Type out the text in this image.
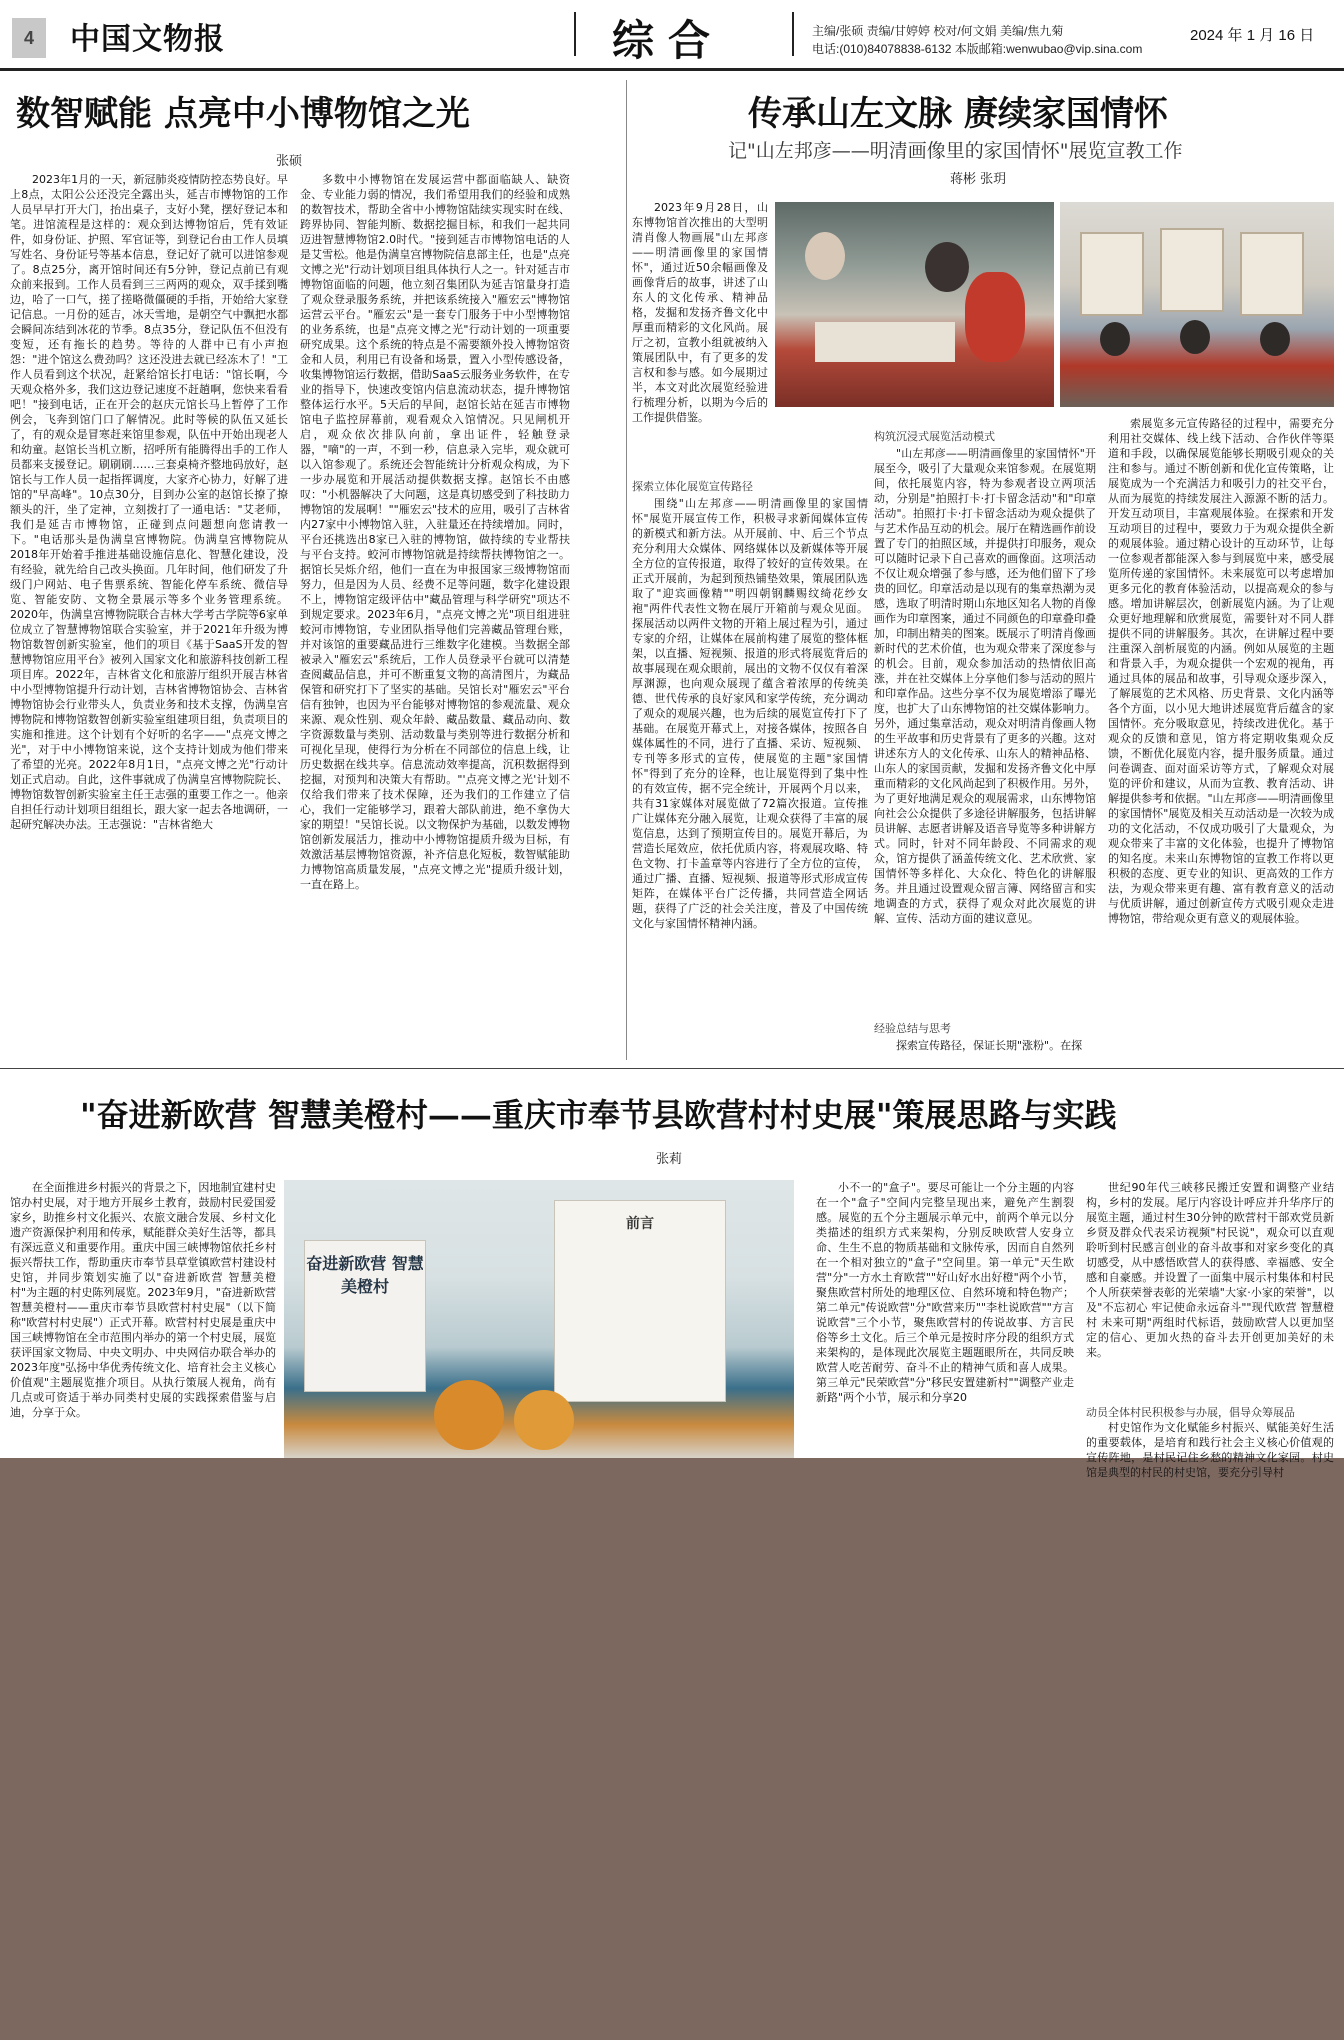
4	中国文物报	综合	主编/张硕 责编/甘婷婷 校对/何文娟 美编/焦九菊
电话:(010)84078838-6132 本版邮箱:wenwubao@vip.sina.com
2024 年 1 月 16 日
数智赋能 点亮中小博物馆之光
张硕

2023年1月的一天，新冠肺炎疫情防控态势良好。早上8点，太阳公公还没完全露出头，延吉市博物馆的工作人员早早打开大门，抬出桌子，支好小凳，摆好登记本和笔。进馆流程是这样的：观众到达博物馆后，凭有效证件，如身份证、护照、军官证等，到登记台由工作人员填写姓名、身份证号等基本信息，登记好了就可以进馆参观了。8点25分，离开馆时间还有5分钟，登记点前已有观众前来报到。工作人员看到三三两两的观众，双手揉到嘴边，哈了一口气，搓了搓略微僵硬的手指，开始给大家登记信息。一月份的延吉，冰天雪地，是朝空气中飘把水都会瞬间冻结到冰花的节季。8点35分，登记队伍不但没有变短，还有拖长的趋势。等待的人群中已有小声抱怨："进个馆这么费劲吗？这还没进去就已经冻木了！"工作人员看到这个状况，赶紧给馆长打电话："馆长啊，今天观众格外多，我们这边登记速度不赶趟啊，您快来看看吧！"接到电话，正在开会的赵庆元馆长马上暂停了工作例会，飞奔到馆门口了解情况。此时等候的队伍又延长了，有的观众是冒寒赶来馆里参观，队伍中开始出现老人和幼童。赵馆长当机立断，招呼所有能腾得出手的工作人员都来支援登记。刷刷刷……三套桌椅齐整地码放好，赵馆长与工作人员一起指挥调度，大家齐心协力，好解了进馆的"早高峰"。10点30分，目到办公室的赵馆长撩了撩额头的汗，坐了定神，立刻拨打了一通电话："艾老师，我们是延吉市博物馆，正碰到点问题想向您请教一下。"电话那头是伪满皇宫博物院。伪满皇宫博物院从2018年开始着手推进基础设施信息化、智慧化建设，没有经验，就先给自己改头换面。几年时间，他们研发了升级门户网站、电子售票系统、智能化停车系统、微信导览、智能安防、文物全景展示等多个业务管理系统。2020年，伪满皇宫博物院联合吉林大学考古学院等6家单位成立了智慧博物馆联合实验室，并于2021年升级为博物馆数智创新实验室，他们的项目《基于SaaS开发的智慧博物馆应用平台》被列入国家文化和旅游科技创新工程项目库。2022年，吉林省文化和旅游厅组织开展吉林省中小型博物馆提升行动计划，吉林省博物馆协会、吉林省博物馆协会行业带头人，负责业务和技术支撑，伪满皇宫博物院和博物馆数智创新实验室组建项目组，负责项目的实施和推进。这个计划有个好听的名字——"点亮文博之光"，对于中小博物馆来说，这个支持计划成为他们带来了希望的光亮。2022年8月1日，"点亮文博之光"行动计划正式启动。自此，这件事就成了伪满皇宫博物院院长、博物馆数智创新实验室主任王志强的重要工作之一。他亲自担任行动计划项目组组长，跟大家一起去各地调研，一起研究解决办法。王志强说："吉林省绝大

多数中小博物馆在发展运营中都面临缺人、缺资金、专业能力弱的情况，我们希望用我们的经验和成熟的数智技术，帮助全省中小博物馆陆续实现实时在线、跨界协同、智能判断、数据挖掘目标，和我们一起共同迈进智慧博物馆2.0时代。"接到延吉市博物馆电话的人是艾雪松。他是伪满皇宫博物院信息部主任，也是"点亮文博之光"行动计划项目组具体执行人之一。针对延吉市博物馆面临的问题，他立刻召集团队为延吉馆量身打造了观众登录服务系统，并把该系统接入"雁宏云"博物馆运营云平台。"雁宏云"是一套专门服务于中小型博物馆的业务系统，也是"点亮文博之光"行动计划的一项重要研究成果。这个系统的特点是不需要额外投入博物馆资金和人员，利用已有设备和场景，置入小型传感设备，收集博物馆运行数据，借助SaaS云服务业务软件，在专业的指导下，快速改变馆内信息流动状态，提升博物馆整体运行水平。5天后的早间，赵馆长站在延吉市博物馆电子监控屏幕前，观看观众入馆情况。只见闸机开启，观众依次排队向前，拿出证件，轻触登录器，"嘀"的一声，不到一秒，信息录入完毕，观众就可以入馆参观了。系统还会智能统计分析观众构成，为下一步办展览和开展活动提供数据支撑。赵馆长不由感叹："小机器解决了大问题，这是真切感受到了科技助力博物馆的发展啊！""雁宏云"技术的应用，吸引了吉林省内27家中小博物馆入驻，入驻量还在持续增加。同时，平台还挑选出8家已入驻的博物馆，做持续的专业帮扶与平台支持。蛟河市博物馆就是持续帮扶博物馆之一。据馆长吴烁介绍，他们一直在为申报国家三级博物馆而努力，但是因为人员、经费不足等问题，数字化建设跟不上，博物馆定级评估中"藏品管理与科学研究"项达不到规定要求。2023年6月，"点亮文博之光"项目组进驻蛟河市博物馆，专业团队指导他们完善藏品管理台账，并对该馆的重要藏品进行三维数字化建模。当数据全部被录入"雁宏云"系统后，工作人员登录平台就可以清楚查阅藏品信息，并可不断重复文物的高清图片，为藏品保管和研究打下了坚实的基础。吴馆长对"雁宏云"平台信有独钟，也因为平台能够对博物馆的参观流量、观众来源、观众性别、观众年龄、藏品数量、藏品动向、数字资源数量与类别、活动数量与类别等进行数据分析和可视化呈现，使得行为分析在不同部位的信息上线，让历史数据在线共享。信息流动效率提高，沉积数据得到挖掘，对预判和决策大有帮助。"'点亮文博之光'计划不仅给我们带来了技术保障，还为我们的工作建立了信心，我们一定能够学习，跟着大部队前进，绝不拿伪大家的期望！"吴馆长说。以文物保护为基础，以数发博物馆创新发展活力，推动中小博物馆提质升级为目标，有效激活基层博物馆资源，补齐信息化短板，数智赋能助力博物馆高质量发展，"点亮文博之光"提质升级计划，一直在路上。

传承山左文脉 赓续家国情怀
记"山左邦彦——明清画像里的家国情怀"展览宣教工作
蒋彬 张玥

2023年9月28日，山东博物馆首次推出的大型明清肖像人物画展"山左邦彦——明清画像里的家国情怀"，通过近50余幅画像及画像背后的故事，讲述了山东人的文化传承、精神品格，发掘和发扬齐鲁文化中厚重而精彩的文化风尚。展厅之初，宣教小组就被纳入策展团队中，有了更多的发言权和参与感。如今展期过半，本文对此次展览经验进行梳理分析，以期为今后的工作提供借鉴。

探索立体化展览宣传路径

围绕"山左邦彦——明清画像里的家国情怀"展览开展宣传工作，积极寻求新闻媒体宣传的新模式和新方法。从开展前、中、后三个节点充分利用大众媒体、网络媒体以及新媒体等开展全方位的宣传报道，取得了较好的宣传效果。在正式开展前，为起到预热铺垫效果，策展团队选取了"迎宾画像精""明四朝钢麟赐纹绮花纱女袍"两件代表性文物在展厅开箱前与观众见面。探展活动以两件文物的开箱上展过程为引，通过专家的介绍，让媒体在展前构建了展览的整体框架，以直播、短视频、报道的形式将展览背后的故事展现在观众眼前，展出的文物不仅仅有着深厚渊源，也向观众展现了蕴含着浓厚的传统美德、世代传承的良好家风和家学传统，充分调动了观众的观展兴趣，也为后续的展览宣传打下了基础。在展览开幕式上，对接各媒体，按照各自媒体属性的不同，进行了直播、采访、短视频、专刊等多形式的宣传，使展览的主题"家国情怀"得到了充分的诠释，也让展览得到了集中性的有效宣传，据不完全统计，开展两个月以来，共有31家媒体对展览做了72篇次报道。宣传推广让媒体充分融入展览，让观众获得了丰富的展览信息，达到了预期宣传目的。展览开幕后，为营造长尾效应，依托优质内容，将观展攻略、特色文物、打卡盖章等内容进行了全方位的宣传，通过广播、直播、短视频、报道等形式形成宣传矩阵，在媒体平台广泛传播，共同营造全网话题，获得了广泛的社会关注度，普及了中国传统文化与家国情怀精神内涵。

构筑沉浸式展览活动模式

"山左邦彦——明清画像里的家国情怀"开展至今，吸引了大量观众来馆参观。在展览期间，依托展览内容，特为参观者设立两项活动，分别是"拍照打卡·打卡留念活动"和"印章活动"。拍照打卡·打卡留念活动为观众提供了与艺术作品互动的机会。展厅在精选画作前设置了专门的拍照区域，并提供打印服务，观众可以随时记录下自己喜欢的画像面。这项活动不仅让观众增强了参与感，还为他们留下了珍贵的回忆。印章活动是以现有的集章热潮为灵感，选取了明清时期山东地区知名人物的肖像画作为印章图案，通过不同颜色的印章叠印叠加，印制出精美的图案。既展示了明清肖像画新时代的艺术价值，也为观众带来了深度参与的机会。目前，观众参加活动的热情依旧高涨，并在社交媒体上分享他们参与活动的照片和印章作品。这些分享不仅为展览增添了曝光度，也扩大了山东博物馆的社交媒体影响力。另外，通过集章活动，观众对明清肖像画人物的生平故事和历史背景有了更多的兴趣。这对讲述东方人的文化传承、山东人的精神品格、山东人的家国贡献，发掘和发扬齐鲁文化中厚重而精彩的文化风尚起到了积极作用。另外，为了更好地满足观众的观展需求，山东博物馆向社会公众提供了多途径讲解服务，包括讲解员讲解、志愿者讲解及语音导览等多种讲解方式。同时，针对不同年龄段、不同需求的观众，馆方提供了涵盖传统文化、艺术欣赏、家国情怀等多样化、大众化、特色化的讲解服务。并且通过设置观众留言簿、网络留言和实地调查的方式，获得了观众对此次展览的讲解、宣传、活动方面的建议意见。

经验总结与思考

探索宣传路径，保证长期"涨粉"。在探

索展览多元宣传路径的过程中，需要充分利用社交媒体、线上线下活动、合作伙伴等渠道和手段，以确保展览能够长期吸引观众的关注和参与。通过不断创新和优化宣传策略，让展览成为一个充满活力和吸引力的社交平台，从而为展览的持续发展注入源源不断的活力。开发互动项目，丰富观展体验。在探索和开发互动项目的过程中，要致力于为观众提供全新的观展体验。通过精心设计的互动环节，让每一位参观者都能深入参与到展览中来，感受展览所传递的家国情怀。未来展览可以考虑增加更多元化的教育体验活动，以提高观众的参与感。增加讲解层次，创新展览内涵。为了让观众更好地理解和欣赏展览，需要针对不同人群提供不同的讲解服务。其次，在讲解过程中要注重深入剖析展览的内涵。例如从展览的主题和背景入手，为观众提供一个宏观的视角，再通过具体的展品和故事，引导观众逐步深入，了解展览的艺术风格、历史背景、文化内涵等各个方面，以小见大地讲述展览背后蕴含的家国情怀。充分吸取意见，持续改进优化。基于观众的反馈和意见，馆方将定期收集观众反馈，不断优化展览内容，提升服务质量。通过问卷调查、面对面采访等方式，了解观众对展览的评价和建议，从而为宣教、教育活动、讲解提供参考和依据。"山左邦彦——明清画像里的家国情怀"展览及相关互动活动是一次较为成功的文化活动，不仅成功吸引了大量观众，为观众带来了丰富的文化体验，也提升了博物馆的知名度。未来山东博物馆的宣教工作将以更积极的态度、更专业的知识、更高效的工作方法，为观众带来更有趣、富有教育意义的活动与优质讲解，通过创新宣传方式吸引观众走进博物馆，带给观众更有意义的观展体验。

"奋进新欧营 智慧美橙村——重庆市奉节县欧营村村史展"策展思路与实践
张莉

在全面推进乡村振兴的背景之下，因地制宜建村史馆办村史展，对于地方开展乡土教育，鼓励村民爱国爱家乡，助推乡村文化振兴、农旅文融合发展、乡村文化遗产资源保护利用和传承，赋能群众美好生活等，都具有深远意义和重要作用。重庆中国三峡博物馆依托乡村振兴帮扶工作，帮助重庆市奉节县草堂镇欧营村建设村史馆，并同步策划实施了以"奋进新欧营 智慧美橙村"为主题的村史陈列展览。2023年9月，"奋进新欧营 智慧美橙村——重庆市奉节县欧营村村史展"（以下简称"欧营村村史展"）正式开幕。欧营村村史展是重庆中国三峡博物馆在全市范围内举办的第一个村史展，展览获评国家文物局、中央文明办、中央网信办联合举办的2023年度"弘扬中华优秀传统文化、培育社会主义核心价值观"主题展览推介项目。从执行策展人视角，尚有几点或可资适于举办同类村史展的实践探索借鉴与启迪，分享于众。

奋进新欧营 智慧美橙村
前言

小不一的"盒子"。要尽可能让一个分主题的内容在一个"盒子"空间内完整呈现出来，避免产生割裂感。展览的五个分主题展示单元中，前两个单元以分类描述的组织方式来架构，分别反映欧营人安身立命、生生不息的物质基础和文脉传承，因而自自然列在一个相对独立的"盒子"空间里。第一单元"天生欧营"分"一方水土育欧营""好山好水出好橙"两个小节，聚焦欧营村所处的地理区位、自然环境和特色物产；第二单元"传说欧营"分"欧营来历""李杜说欧营""方言说欧营"三个小节，聚焦欧营村的传说故事、方言民俗等乡土文化。后三个单元是按时序分段的组织方式来架构的，是体现此次展览主题题眼所在，共同反映欧营人吃苦耐劳、奋斗不止的精神气质和喜人成果。第三单元"民荣欧营"分"移民安置建新村""调整产业走新路"两个小节，展示和分享20

世纪90年代三峡移民搬迁安置和调整产业结构，乡村的发展。尾厅内容设计呼应并升华序厅的展览主题，通过村生30分钟的欧营村干部欢党员新乡贤及群众代表采访视频"村民说"，观众可以直观聆听到村民感言创业的奋斗故事和对家乡变化的真切感受，从中感悟欧营人的获得感、幸福感、安全感和自豪感。并设置了一面集中展示村集体和村民个人所获荣誉表彰的光荣墙"大家·小家的荣誉"，以及"不忘初心 牢记使命永远奋斗""现代欧营 智慧橙村 未来可期"两组时代标语，鼓励欧营人以更加坚定的信心、更加火热的奋斗去开创更加美好的未来。

动员全体村民积极参与办展，倡导众筹展品

村史馆作为文化赋能乡村振兴、赋能美好生活的重要载体，是培育和践行社会主义核心价值观的宣传阵地，是村民记住乡愁的精神文化家园。村史馆是典型的村民的村史馆，要充分引导村
